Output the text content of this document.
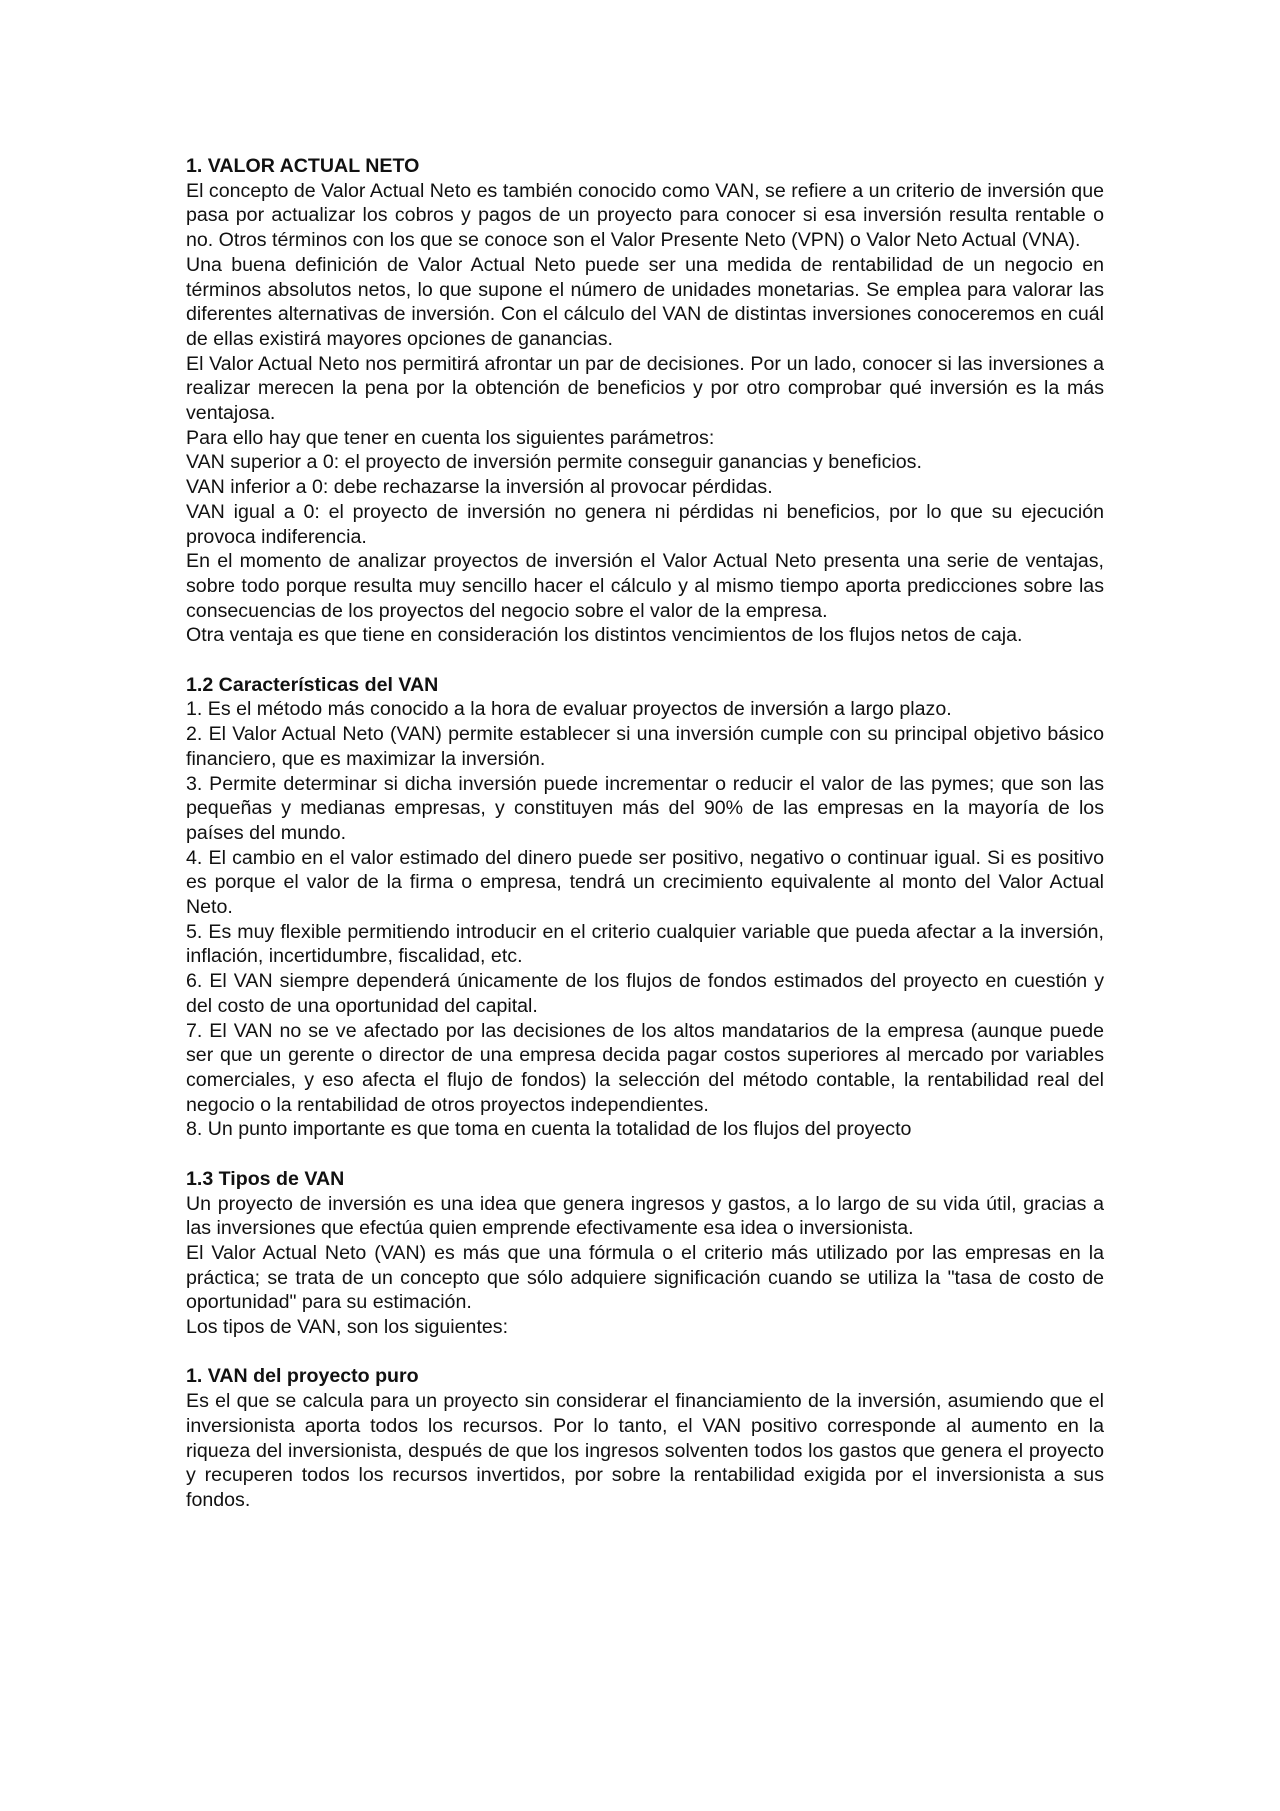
1. VALOR ACTUAL NETO

El concepto de Valor Actual Neto es también conocido como VAN, se refiere a un criterio de inversión que pasa por actualizar los cobros y pagos de un proyecto para conocer si esa inversión resulta rentable o no. Otros términos con los que se conoce son el Valor Presente Neto (VPN) o Valor Neto Actual (VNA).

Una buena definición de Valor Actual Neto puede ser una medida de rentabilidad de un negocio en términos absolutos netos, lo que supone el número de unidades monetarias. Se emplea para valorar las diferentes alternativas de inversión. Con el cálculo del VAN de distintas inversiones conoceremos en cuál de ellas existirá mayores opciones de ganancias.

El Valor Actual Neto nos permitirá afrontar un par de decisiones. Por un lado, conocer si las inversiones a realizar merecen la pena por la obtención de beneficios y por otro comprobar qué inversión es la más ventajosa.

Para ello hay que tener en cuenta los siguientes parámetros:

VAN superior a 0: el proyecto de inversión permite conseguir ganancias y beneficios.

VAN inferior a 0: debe rechazarse la inversión al provocar pérdidas.

VAN igual a 0: el proyecto de inversión no genera ni pérdidas ni beneficios, por lo que su ejecución provoca indiferencia.

En el momento de analizar proyectos de inversión el Valor Actual Neto presenta una serie de ventajas, sobre todo porque resulta muy sencillo hacer el cálculo y al mismo tiempo aporta predicciones sobre las consecuencias de los proyectos del negocio sobre el valor de la empresa.

Otra ventaja es que tiene en consideración los distintos vencimientos de los flujos netos de caja.

1.2 Características del VAN

1. Es el método más conocido a la hora de evaluar proyectos de inversión a largo plazo.

2. El Valor Actual Neto (VAN) permite establecer si una inversión cumple con su principal objetivo básico financiero, que es maximizar la inversión.

3. Permite determinar si dicha inversión puede incrementar o reducir el valor de las pymes; que son las pequeñas y medianas empresas, y constituyen más del 90% de las empresas en la mayoría de los países del mundo.

4. El cambio en el valor estimado del dinero puede ser positivo, negativo o continuar igual. Si es positivo es porque el valor de la firma o empresa, tendrá un crecimiento equivalente al monto del Valor Actual Neto.

5. Es muy flexible permitiendo introducir en el criterio cualquier variable que pueda afectar a la inversión, inflación, incertidumbre, fiscalidad, etc.

6. El VAN siempre dependerá únicamente de los flujos de fondos estimados del proyecto en cuestión y del costo de una oportunidad del capital.

7. El VAN no se ve afectado por las decisiones de los altos mandatarios de la empresa (aunque puede ser que un gerente o director de una empresa decida pagar costos superiores al mercado por variables comerciales, y eso afecta el flujo de fondos) la selección del método contable, la rentabilidad real del negocio o la rentabilidad de otros proyectos independientes.

8. Un punto importante es que toma en cuenta la totalidad de los flujos del proyecto

1.3 Tipos de VAN

Un proyecto de inversión es una idea que genera ingresos y gastos, a lo largo de su vida útil, gracias a las inversiones que efectúa quien emprende efectivamente esa idea o inversionista.

El Valor Actual Neto (VAN) es más que una fórmula o el criterio más utilizado por las empresas en la práctica; se trata de un concepto que sólo adquiere significación cuando se utiliza la "tasa de costo de oportunidad" para su estimación.

Los tipos de VAN, son los siguientes:

1. VAN del proyecto puro

Es el que se calcula para un proyecto sin considerar el financiamiento de la inversión, asumiendo que el inversionista aporta todos los recursos. Por lo tanto, el VAN positivo corresponde al aumento en la riqueza del inversionista, después de que los ingresos solventen todos los gastos que genera el proyecto y recuperen todos los recursos invertidos, por sobre la rentabilidad exigida por el inversionista a sus fondos.
